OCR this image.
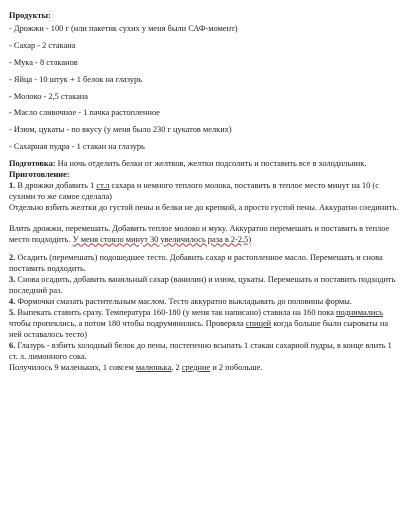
Продукты:
- Дрожжи - 100 г (или пакетик сухих у меня были САФ-момент)
- Сахар - 2 стакана
- Мука - 8 стаканов
- Яйца - 10 штук + 1 белок на глазурь
- Молоко - 2,5 стакана
- Масло сливочное - 1 пачка растопленное
- Изюм, цукаты - по вкусу (у меня было 230 г цукатов мелких)
- Сахарная пудра - 1 стакан на глазурь

Подготовка: На ночь отделить белки от желтков, желтки подсолить и поставить все в холодильник.

Приготовление:

1. В дрожжи добавить 1 ст.л сахара и немного теплого молока, поставить в теплое место минут на 10 (с сухими то же самое сделала)

Отдельно взбить желтки до густой пены и белки не до крепкой, а просто густой пены. Аккуратно соединить.

Влить дрожжи, перемешать. Добавить теплое молоко и муку. Аккуратно перемешать и поставить в теплое место подходить. У меня стояло минут 30 увеличилось раза в 2-2,5)

2. Осадить (перемешать) подошедшее тесто. Добавить сахар и растопленное масло. Перемешать и снова поставить подходить.

3. Снова осадить, добавить ванильный сахар (ванилин) и изюм, цукаты. Перемешать и поставить подходить последний раз.

4. Формочки смазать растительным маслом. Тесто аккуратно выкладывать до половины формы.

5. Выпекать ставить сразу. Температура 160-180 (у меня так написано) ставила на 160 пока поднимались чтобы пропеклись, а потом 180 чтобы подрумянились. Проверяла спицей когда больше были сыроваты на ней оставалось тесто)

6. Глазурь - взбить холодный белок до пены, постепенно всыпать 1 стакан сахарной пудры, в конце влить 1 ст. л. лимонного сока.

Получилось 9 маленьких, 1 совсем малюнька, 2 средние и 2 побольше.
